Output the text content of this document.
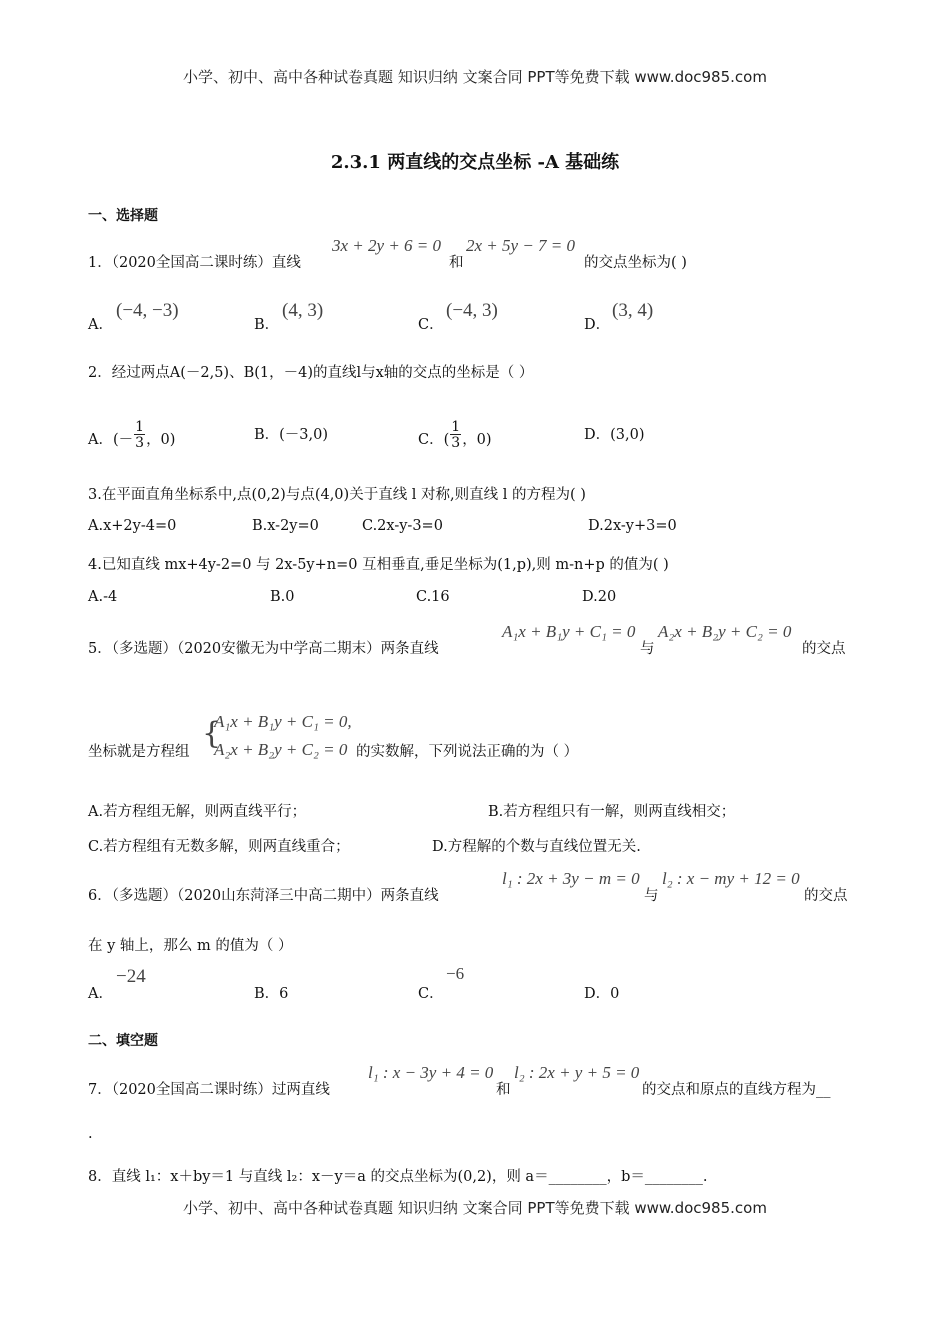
小学、初中、高中各种试卷真题 知识归纳 文案合同 PPT等免费下载 www.doc985.com
2.3.1 两直线的交点坐标 -A 基础练
一、选择题
1．（2020全国高二课时练）直线
3x + 2y + 6 = 0
和
2x + 5y − 7 = 0
的交点坐标为( )
A．
(−4, −3)
B．
(4, 3)
C．
(−4, 3)
D．
(3, 4)
2．经过两点A(－2,5)、B(1，－4)的直线l与x轴的交点的坐标是（ ）
A．(－ $\frac{1}{3}$ ，0)	B．(－3,0)	C．( $\frac{1}{3}$ ，0)	D．(3,0)
3.在平面直角坐标系中,点(0,2)与点(4,0)关于直线 l 对称,则直线 l 的方程为( )
A.x+2y-4=0	B.x-2y=0	C.2x-y-3=0	D.2x-y+3=0
4.已知直线 mx+4y-2=0 与 2x-5y+n=0 互相垂直,垂足坐标为(1,p),则 m-n+p 的值为( )
A.-4	B.0	C.16	D.20
5．（多选题）（2020安徽无为中学高二期末）两条直线
A₁x + B₁y + C₁ = 0
与
A₂x + B₂y + C₂ = 0
的交点
坐标就是方程组
{
A₁x + B₁y + C₁ = 0,
A₂x + B₂y + C₂ = 0 的实数解，下列说法正确的为（ ）
A.若方程组无解，则两直线平行；	B.若方程组只有一解，则两直线相交；
C.若方程组有无数多解，则两直线重合；	D.方程解的个数与直线位置无关.
6．（多选题）（2020山东菏泽三中高二期中）两条直线
l₁ : 2x + 3y − m = 0
与
l₂ : x − my + 12 = 0
的交点
在 y 轴上，那么 m 的值为（ ）
A．
−24
B．6	C．
−6
D．0
二、填空题
7．（2020全国高二课时练）过两直线
l₁ : x − 3y + 4 = 0
和
l₂ : 2x + y + 5 = 0
的交点和原点的直线方程为__
.
8．直线 l₁：x＋by＝1 与直线 l₂：x－y＝a 的交点坐标为(0,2)，则 a＝________，b＝________.
小学、初中、高中各种试卷真题 知识归纳 文案合同 PPT等免费下载 www.doc985.com
